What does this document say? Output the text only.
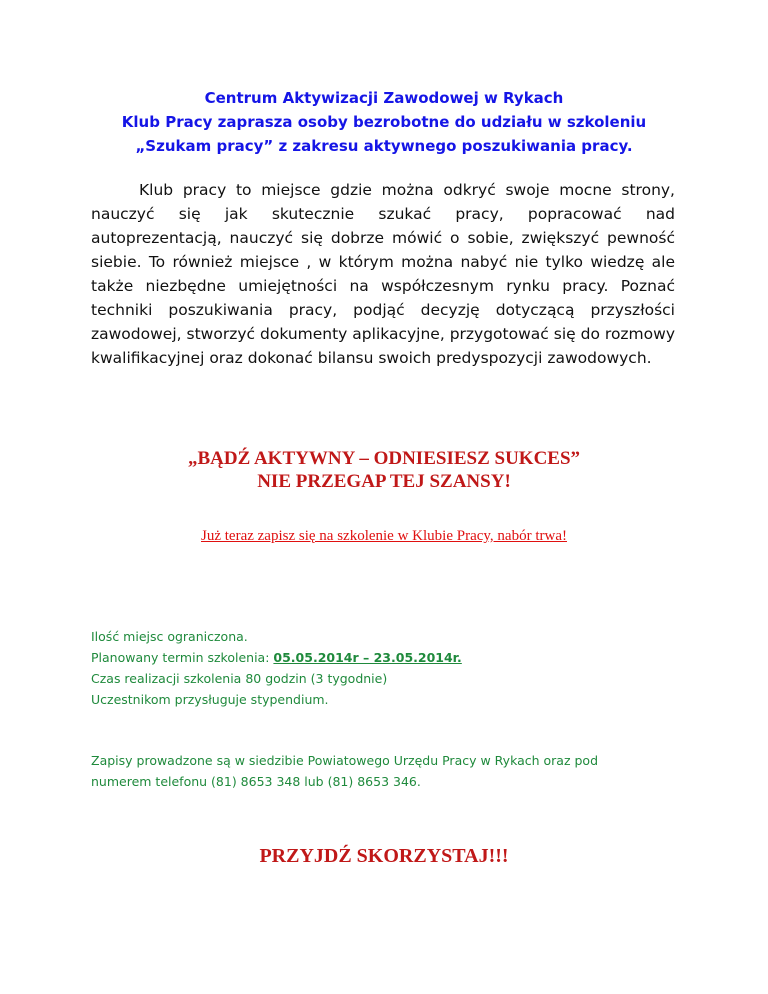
Centrum Aktywizacji Zawodowej w Rykach
Klub Pracy zaprasza osoby bezrobotne do udziału w szkoleniu
„Szukam pracy” z zakresu aktywnego poszukiwania pracy.

Klub pracy to miejsce gdzie można odkryć swoje mocne strony, nauczyć się jak skutecznie szukać pracy, popracować nad autoprezentacją, nauczyć się dobrze mówić o sobie, zwiększyć pewność siebie. To również miejsce , w którym można nabyć nie tylko wiedzę ale także niezbędne umiejętności na współczesnym rynku pracy. Poznać techniki poszukiwania pracy, podjąć decyzję dotyczącą przyszłości zawodowej, stworzyć dokumenty aplikacyjne, przygotować się do rozmowy kwalifikacyjnej oraz dokonać bilansu swoich predyspozycji zawodowych.

„BĄDŹ AKTYWNY – ODNIESIESZ SUKCES”
NIE PRZEGAP TEJ SZANSY!
Już teraz zapisz się na szkolenie w Klubie Pracy, nabór trwa!
Ilość miejsc ograniczona.
Planowany termin szkolenia: 05.05.2014r – 23.05.2014r.
Czas realizacji szkolenia 80 godzin (3 tygodnie)
Uczestnikom przysługuje stypendium.
Zapisy prowadzone są w siedzibie Powiatowego Urzędu Pracy w Rykach oraz pod
numerem telefonu (81) 8653 348 lub (81) 8653 346.
PRZYJDŹ SKORZYSTAJ!!!
